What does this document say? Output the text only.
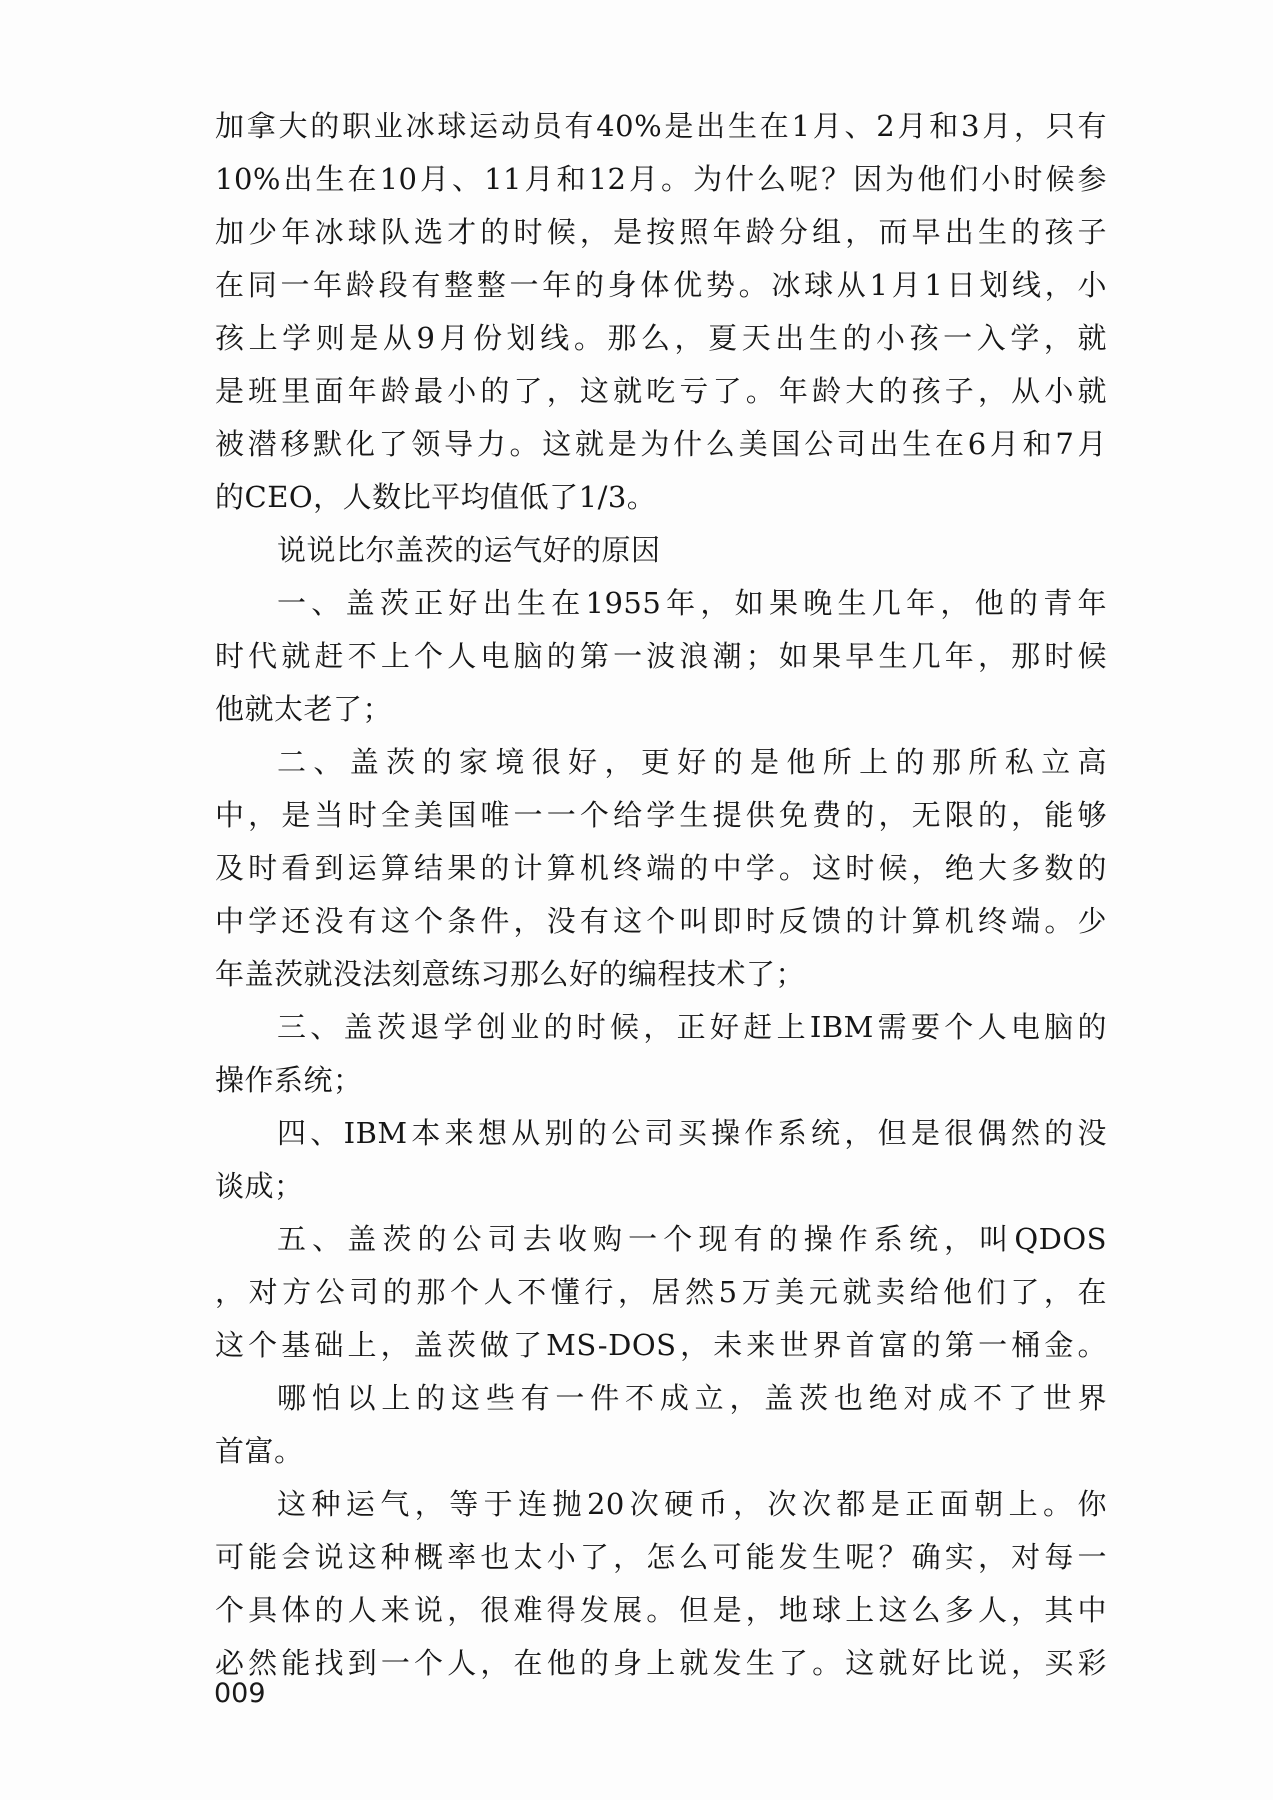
加拿大的职业冰球运动员有40%是出生在1月、2月和3月，只有
10%出生在10月、11月和12月。为什么呢？因为他们小时候参
加少年冰球队选才的时候，是按照年龄分组，而早出生的孩子
在同一年龄段有整整一年的身体优势。冰球从1月1日划线，小
孩上学则是从9月份划线。那么，夏天出生的小孩一入学，就
是班里面年龄最小的了，这就吃亏了。年龄大的孩子，从小就
被潜移默化了领导力。这就是为什么美国公司出生在6月和7月
的CEO，人数比平均值低了1/3。
说说比尔盖茨的运气好的原因
一、盖茨正好出生在1955年，如果晚生几年，他的青年
时代就赶不上个人电脑的第一波浪潮；如果早生几年，那时候
他就太老了；
二、盖茨的家境很好，更好的是他所上的那所私立高
中，是当时全美国唯一一个给学生提供免费的，无限的，能够
及时看到运算结果的计算机终端的中学。这时候，绝大多数的
中学还没有这个条件，没有这个叫即时反馈的计算机终端。少
年盖茨就没法刻意练习那么好的编程技术了；
三、盖茨退学创业的时候，正好赶上IBM需要个人电脑的
操作系统；
四、IBM本来想从别的公司买操作系统，但是很偶然的没
谈成；
五、盖茨的公司去收购一个现有的操作系统，叫QDOS
，对方公司的那个人不懂行，居然5万美元就卖给他们了，在
这个基础上，盖茨做了MS-DOS，未来世界首富的第一桶金。
哪怕以上的这些有一件不成立，盖茨也绝对成不了世界
首富。
这种运气，等于连抛20次硬币，次次都是正面朝上。你
可能会说这种概率也太小了，怎么可能发生呢？确实，对每一
个具体的人来说，很难得发展。但是，地球上这么多人，其中
必然能找到一个人，在他的身上就发生了。这就好比说，买彩
009
